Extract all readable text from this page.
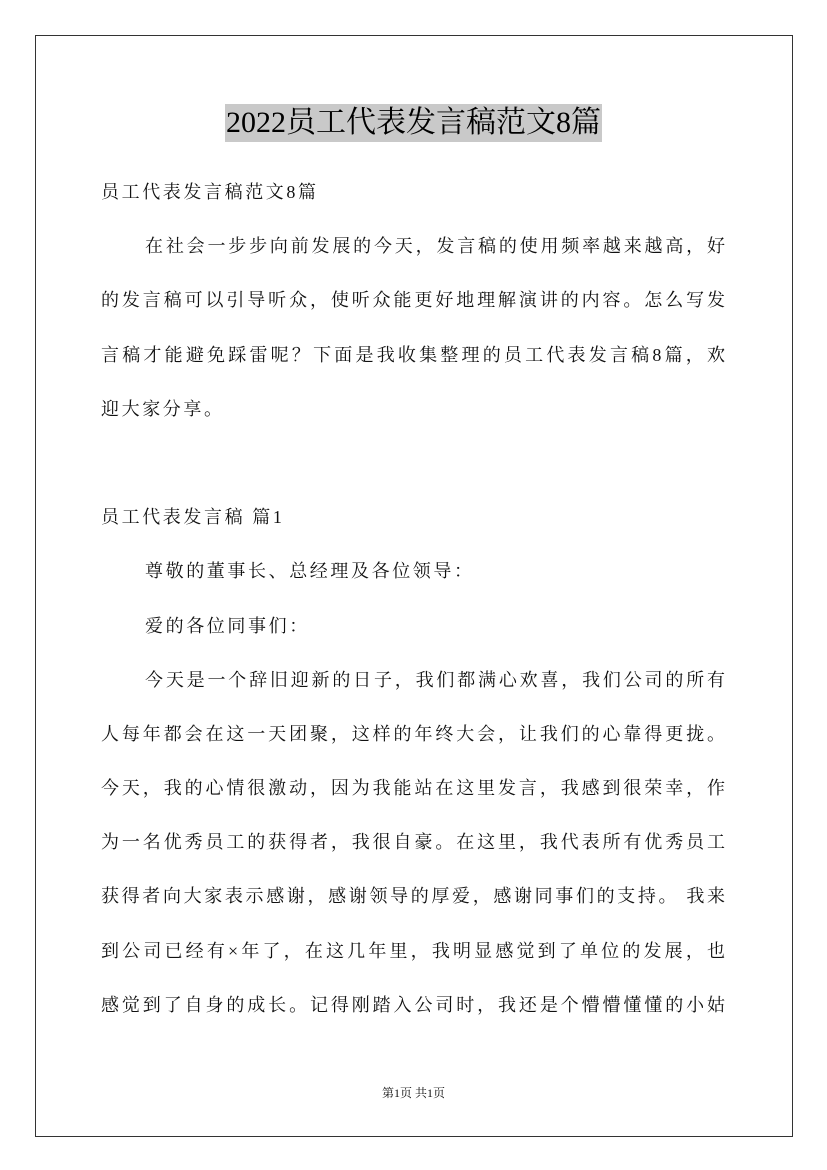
2022员工代表发言稿范文8篇
员工代表发言稿范文8篇
在社会一步步向前发展的今天，发言稿的使用频率越来越高，好
的发言稿可以引导听众，使听众能更好地理解演讲的内容。怎么写发
言稿才能避免踩雷呢？下面是我收集整理的员工代表发言稿8篇，欢
迎大家分享。
员工代表发言稿 篇1
尊敬的董事长、总经理及各位领导：
爱的各位同事们：
今天是一个辞旧迎新的日子，我们都满心欢喜，我们公司的所有
人每年都会在这一天团聚，这样的年终大会，让我们的心靠得更拢。
今天，我的心情很激动，因为我能站在这里发言，我感到很荣幸，作
为一名优秀员工的获得者，我很自豪。在这里，我代表所有优秀员工
获得者向大家表示感谢，感谢领导的厚爱，感谢同事们的支持。 我来
到公司已经有×年了，在这几年里，我明显感觉到了单位的发展，也
感觉到了自身的成长。记得刚踏入公司时，我还是个懵懵懂懂的小姑
第1页 共1页
